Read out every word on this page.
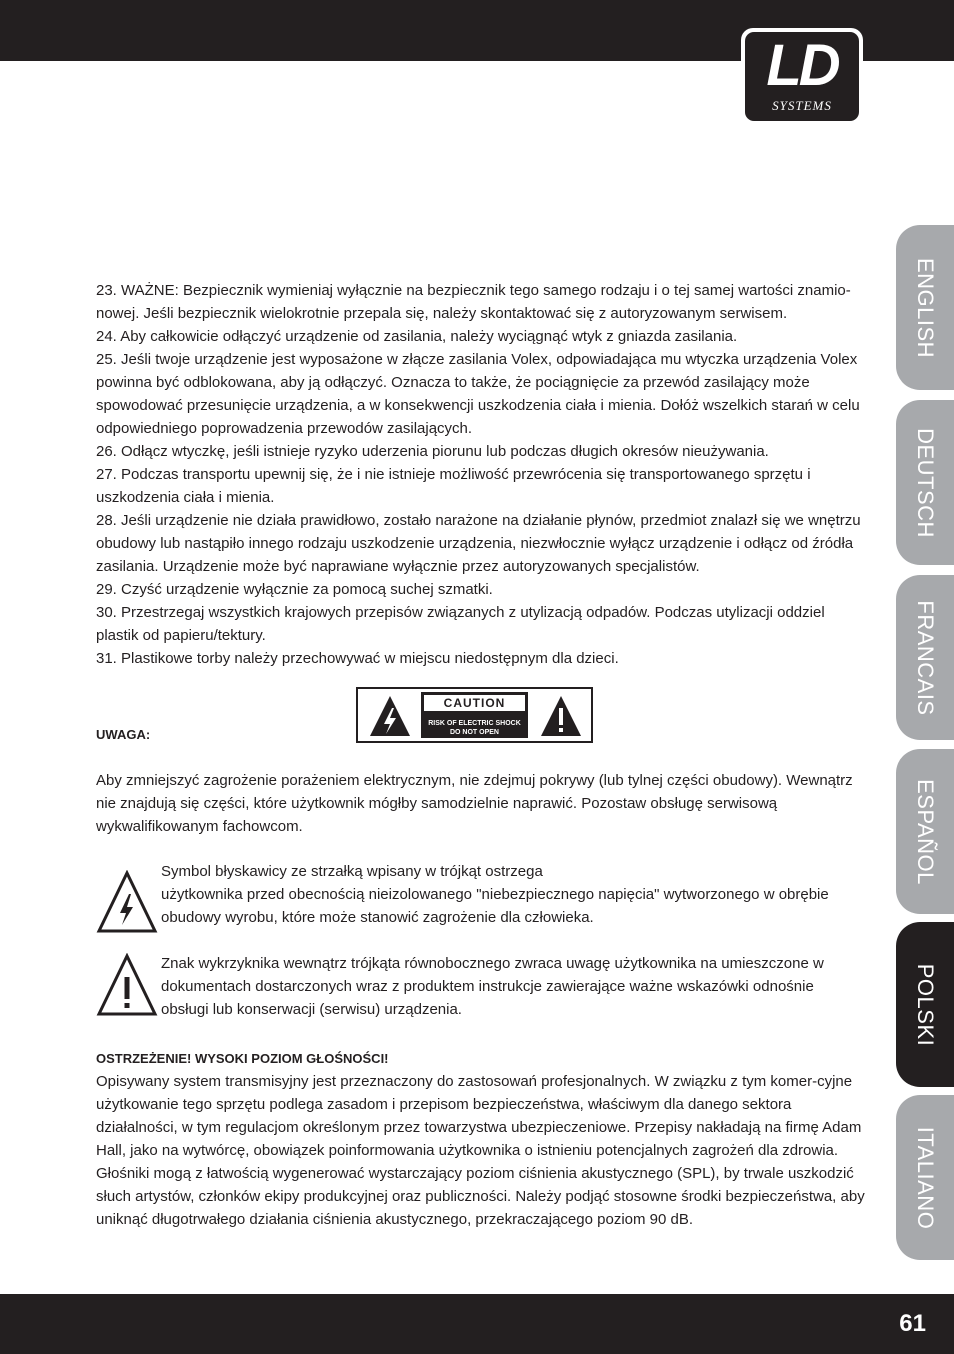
LD
SYSTEMS
ENGLISH
DEUTSCH
FRANCAIS
ESPAÑOL
POLSKI
ITALIANO

23. WAŻNE: Bezpiecznik wymieniaj wyłącznie na bezpiecznik tego samego rodzaju i o tej samej wartości znamio-nowej. Jeśli bezpiecznik wielokrotnie przepala się, należy skontaktować się z autoryzowanym serwisem.

24. Aby całkowicie odłączyć urządzenie od zasilania, należy wyciągnąć wtyk z gniazda zasilania.

25. Jeśli twoje urządzenie jest wyposażone w złącze zasilania Volex, odpowiadająca mu wtyczka urządzenia Volex powinna być odblokowana, aby ją odłączyć. Oznacza to także, że pociągnięcie za przewód zasilający może spowodować przesunięcie urządzenia, a w konsekwencji uszkodzenia ciała i mienia. Dołóż wszelkich starań w celu odpowiedniego poprowadzenia przewodów zasilających.

26. Odłącz wtyczkę, jeśli istnieje ryzyko uderzenia piorunu lub podczas długich okresów nieużywania.

27. Podczas transportu upewnij się, że i nie istnieje możliwość przewrócenia się transportowanego sprzętu i uszkodzenia ciała i mienia.

28. Jeśli urządzenie nie działa prawidłowo, zostało narażone na działanie płynów, przedmiot znalazł się we wnętrzu obudowy lub nastąpiło innego rodzaju uszkodzenie urządzenia, niezwłocznie wyłącz urządzenie i odłącz od źródła zasilania. Urządzenie może być naprawiane wyłącznie przez autoryzowanych specjalistów.

29. Czyść urządzenie wyłącznie za pomocą suchej szmatki.

30. Przestrzegaj wszystkich krajowych przepisów związanych z utylizacją odpadów. Podczas utylizacji oddziel plastik od papieru/tektury.

31. Plastikowe torby należy przechowywać w miejscu niedostępnym dla dzieci.

UWAGA:
CAUTION
RISK OF ELECTRIC SHOCK
DO NOT OPEN

Aby zmniejszyć zagrożenie porażeniem elektrycznym, nie zdejmuj pokrywy (lub tylnej części obudowy). Wewnątrz nie znajdują się części, które użytkownik mógłby samodzielnie naprawić. Pozostaw obsługę serwisową wykwalifikowanym fachowcom.

Symbol błyskawicy ze strzałką wpisany w trójkąt ostrzega

użytkownika przed obecnością nieizolowanego "niebezpiecznego napięcia" wytworzonego w obrębie obudowy wyrobu, które może stanowić zagrożenie dla człowieka.

Znak wykrzyknika wewnątrz trójkąta równobocznego zwraca uwagę użytkownika na umieszczone w dokumentach dostarczonych wraz z produktem instrukcje zawierające ważne wskazówki odnośnie obsługi lub konserwacji (serwisu) urządzenia.

OSTRZEŻENIE! WYSOKI POZIOM GŁOŚNOŚCI!

Opisywany system transmisyjny jest przeznaczony do zastosowań profesjonalnych. W związku z tym komer-cyjne użytkowanie tego sprzętu podlega zasadom i przepisom bezpieczeństwa, właściwym dla danego sektora działalności, w tym regulacjom określonym przez towarzystwa ubezpieczeniowe. Przepisy nakładają na firmę Adam Hall, jako na wytwórcę, obowiązek poinformowania użytkownika o istnieniu potencjalnych zagrożeń dla zdrowia.

Głośniki mogą z łatwością wygenerować wystarczający poziom ciśnienia akustycznego (SPL), by trwale uszkodzić słuch artystów, członków ekipy produkcyjnej oraz publiczności. Należy podjąć stosowne środki bezpieczeństwa, aby uniknąć długotrwałego działania ciśnienia akustycznego, przekraczającego poziom 90 dB.

61
